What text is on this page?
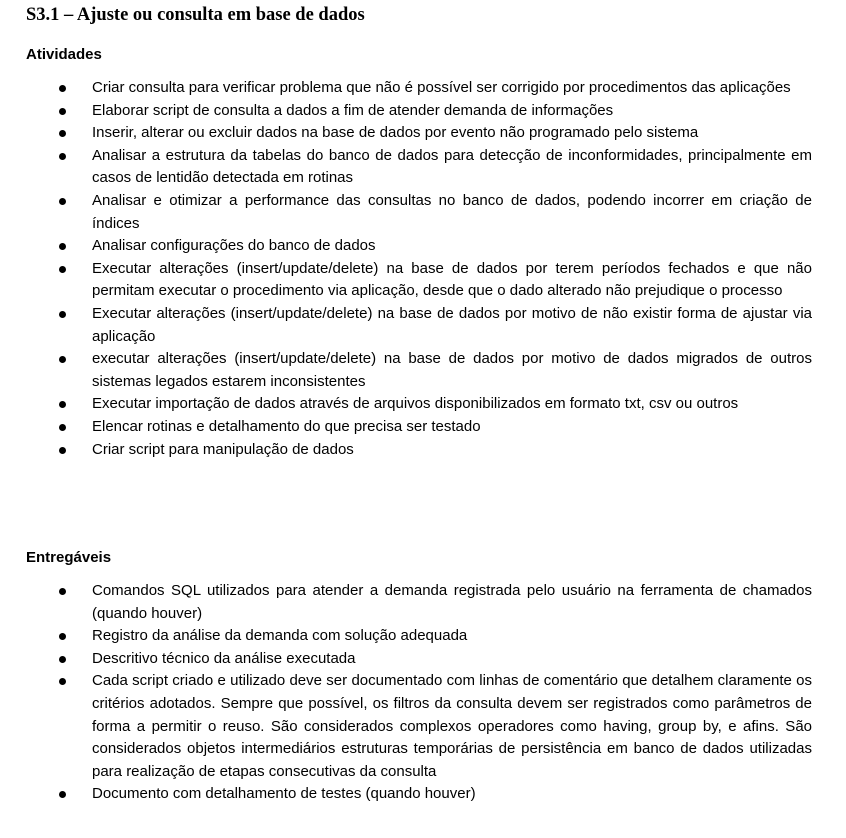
S3.1 – Ajuste ou consulta em base de dados
Atividades
Criar consulta para verificar problema que não é possível ser corrigido por procedimentos das aplicações
Elaborar script de consulta a dados a fim de atender demanda de informações
Inserir, alterar ou excluir dados na base de dados por evento não programado pelo sistema
Analisar a estrutura da tabelas do banco de dados para detecção de inconformidades, principalmente em casos de lentidão detectada em rotinas
Analisar e otimizar a performance das consultas no banco de dados, podendo incorrer em criação de índices
Analisar configurações do banco de dados
Executar alterações (insert/update/delete) na base de dados por terem períodos fechados e que não permitam executar o procedimento via aplicação, desde que o dado alterado não prejudique o processo
Executar alterações (insert/update/delete) na base de dados por motivo de não existir forma de ajustar via aplicação
executar alterações (insert/update/delete) na base de dados por motivo de dados migrados de outros sistemas legados estarem inconsistentes
Executar importação de dados através de arquivos disponibilizados em formato txt, csv ou outros
Elencar rotinas e detalhamento do que precisa ser testado
Criar script para manipulação de dados
Entregáveis
Comandos SQL utilizados para atender a demanda registrada pelo usuário na ferramenta de chamados (quando houver)
Registro da análise da demanda com solução adequada
Descritivo técnico da análise executada
Cada script criado e utilizado deve ser documentado com linhas de comentário que detalhem claramente os critérios adotados. Sempre que possível, os filtros da consulta devem ser registrados como parâmetros de forma a permitir o reuso. São considerados complexos operadores como having, group by, e afins. São considerados objetos intermediários estruturas temporárias de persistência em banco de dados utilizadas para realização de etapas consecutivas da consulta
Documento com detalhamento de testes (quando houver)
